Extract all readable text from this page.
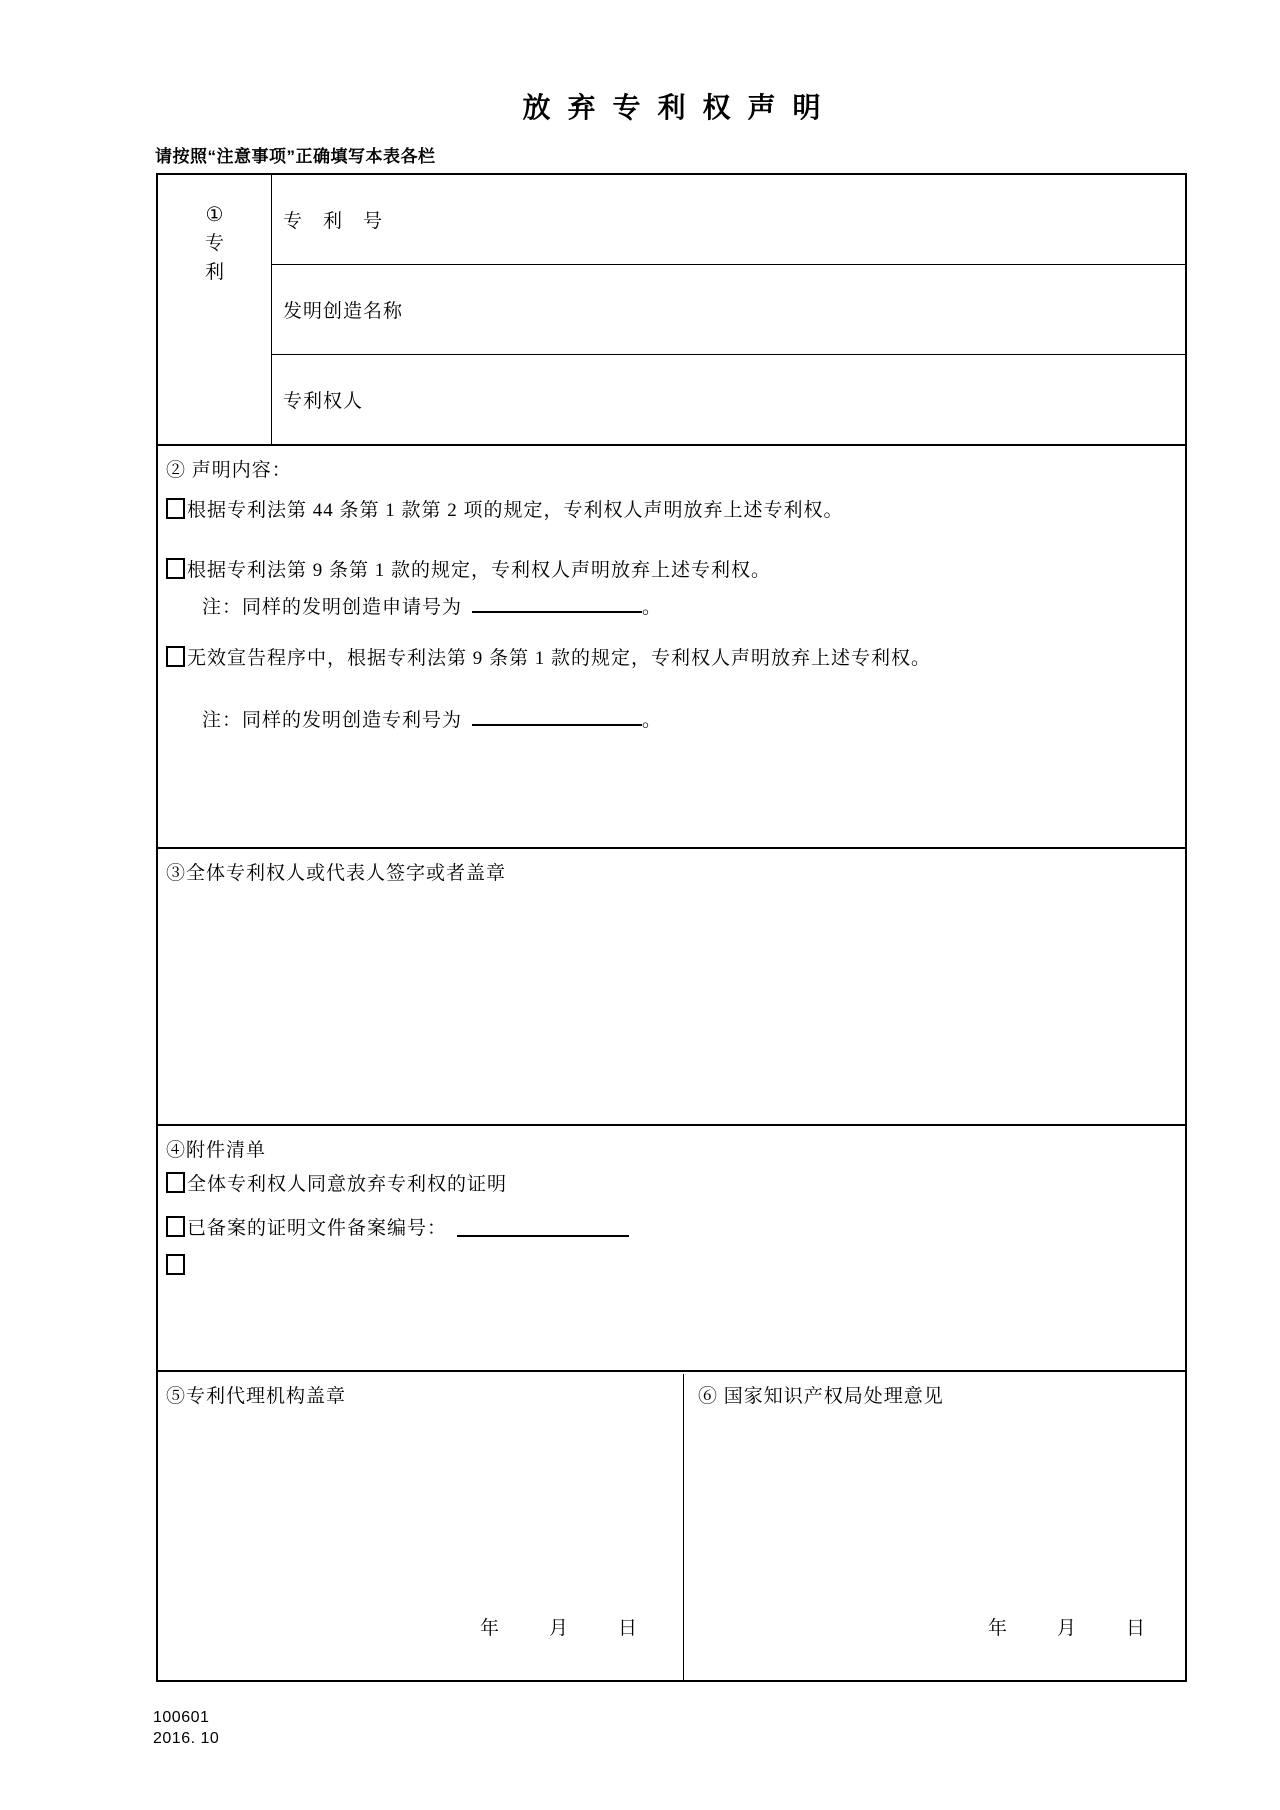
放弃专利权声明
请按照“注意事项”正确填写本表各栏
①
专利
专　利　号
发明创造名称
专利权人
② 声明内容：
根据专利法第 44 条第 1 款第 2 项的规定，专利权人声明放弃上述专利权。
根据专利法第 9 条第 1 款的规定，专利权人声明放弃上述专利权。
注：同样的发明创造申请号为	。
无效宣告程序中，根据专利法第 9 条第 1 款的规定，专利权人声明放弃上述专利权。
注：同样的发明创造专利号为	。
③全体专利权人或代表人签字或者盖章
④附件清单
全体专利权人同意放弃专利权的证明
已备案的证明文件备案编号：
⑤专利代理机构盖章
年	月	日
⑥ 国家知识产权局处理意见
年	月	日
100601
2016. 10
